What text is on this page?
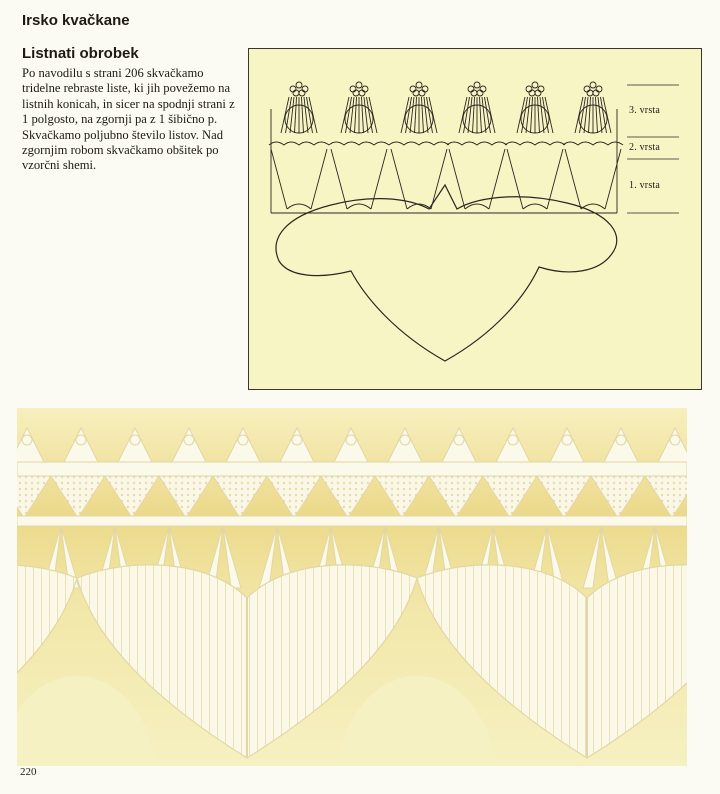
Irsko kvačkane
Listnati obrobek

Po navodilu s strani 206 skvačkamo tridelne rebraste liste, ki jih povežemo na listnih konicah, in sicer na spodnji strani z 1 polgosto, na zgornji pa z 1 šibično p. Skvačkamo poljubno število listov. Nad zgornjim robom skvačkamo obšitek po vzorčni shemi.

3. vrsta
2. vrsta
1. vrsta
220
